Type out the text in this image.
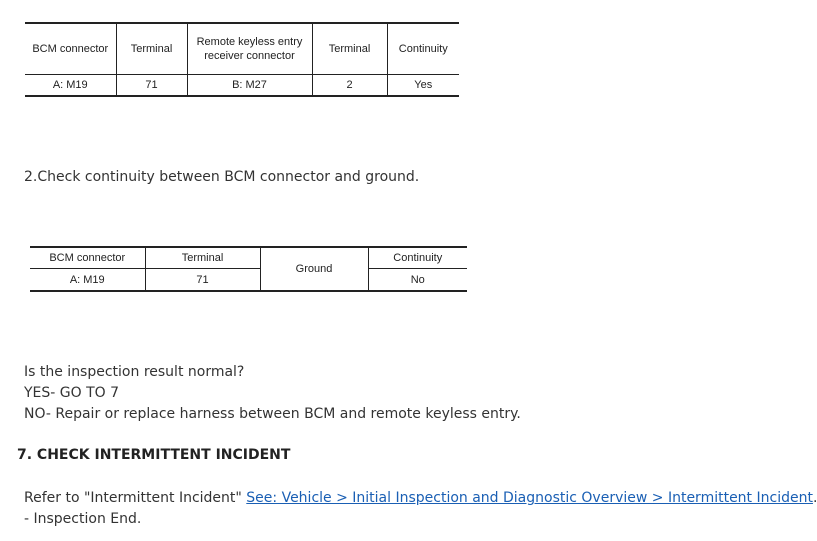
BCM connector	Terminal	Remote keyless entry receiver connector	Terminal	Continuity
A: M19	71	B: M27	2	Yes
2.Check continuity between BCM connector and ground.
BCM connector	Terminal	Ground	Continuity
A: M19	71		No
Is the inspection result normal?
YES- GO TO 7
NO- Repair or replace harness between BCM and remote keyless entry.
7. CHECK INTERMITTENT INCIDENT
Refer to "Intermittent Incident" See: Vehicle > Initial Inspection and Diagnostic Overview > Intermittent Incident.
- Inspection End.
